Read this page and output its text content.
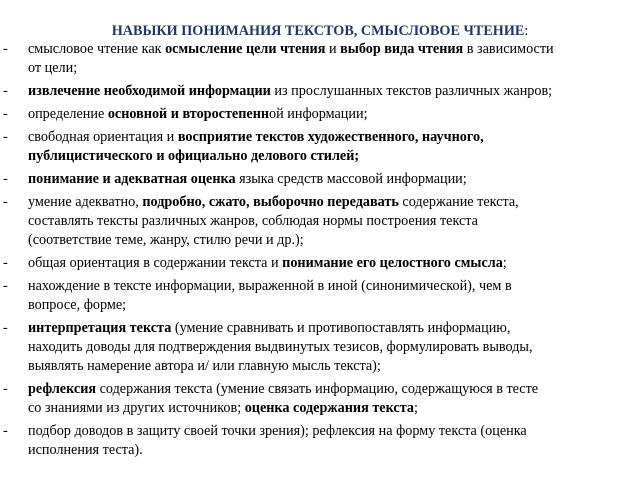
НАВЫКИ ПОНИМАНИЯ ТЕКСТОВ, СМЫСЛОВОЕ ЧТЕНИЕ:
- смысловое чтение как осмысление цели чтения и выбор вида чтения в зависимости
от цели;
- извлечение необходимой информации из прослушанных текстов различных жанров;
- определение основной и второстепенной информации;
- свободная ориентация и восприятие текстов художественного, научного,
публицистического и официально делового стилей;
- понимание и адекватная оценка языка средств массовой информации;
- умение адекватно, подробно, сжато, выборочно передавать содержание текста,
составлять тексты различных жанров, соблюдая нормы построения текста
(соответствие теме, жанру, стилю речи и др.);
- общая ориентация в содержании текста и понимание его целостного смысла;
- нахождение в тексте информации, выраженной в иной (синонимической), чем в
вопросе, форме;
- интерпретация текста (умение сравнивать и противопоставлять информацию,
находить доводы для подтверждения выдвинутых тезисов, формулировать выводы,
выявлять намерение автора и/ или главную мысль текста);
- рефлексия содержания текста (умение связать информацию, содержащуюся в тесте
со знаниями из других источников; оценка содержания текста;
- подбор доводов в защиту своей точки зрения); рефлексия на форму текста (оценка
исполнения теста).
